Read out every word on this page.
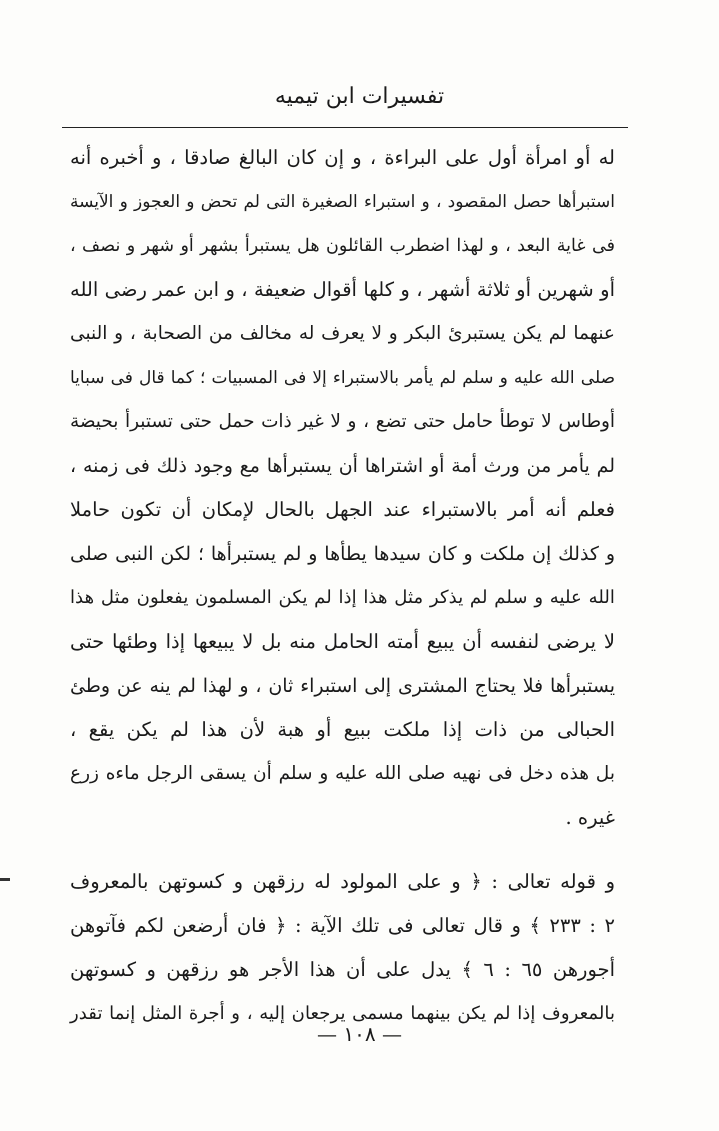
تفسيرات ابن تيميه
له أو امرأة أول على البراءة ، و إن كان البالغ صادقا ، و أخبره أنه
استبرأها حصل المقصود ، و استبراء الصغيرة التى لم تحض و العجوز و الآيسة
فى غاية البعد ، و لهذا اضطرب القائلون هل يستبرأ بشهر أو شهر و نصف ،
أو شهرين أو ثلاثة أشهر ، و كلها أقوال ضعيفة ، و ابن عمر رضى الله
عنهما لم يكن يستبرئ البكر و لا يعرف له مخالف من الصحابة ، و النبى
صلى الله عليه و سلم لم يأمر بالاستبراء إلا فى المسبيات ؛ كما قال فى سبايا
أوطاس لا توطأ حامل حتى تضع ، و لا غير ذات حمل حتى تستبرأ بحيضة
لم يأمر من ورث أمة أو اشتراها أن يستبرأها مع وجود ذلك فى زمنه ،
فعلم أنه أمر بالاستبراء عند الجهل بالحال لإمكان أن تكون حاملا
و كذلك إن ملكت و كان سيدها يطأها و لم يستبرأها ؛ لكن النبى صلى
الله عليه و سلم لم يذكر مثل هذا إذا لم يكن المسلمون يفعلون مثل هذا
لا يرضى لنفسه أن يبيع أمته الحامل منه بل لا يبيعها إذا وطئها حتى
يستبرأها فلا يحتاج المشترى إلى استبراء ثان ، و لهذا لم ينه عن وطئ
الحبالى من ذات إذا ملكت ببيع أو هبة لأن هذا لم يكن يقع ،
بل هذه دخل فى نهيه صلى الله عليه و سلم أن يسقى الرجل ماءه زرع
غيره .
و قوله تعالى : ﴿ و على المولود له رزقهن و كسوتهن بالمعروف
٢ : ٢٣٣ ﴾ و قال تعالى فى تلك الآية : ﴿ فان أرضعن لكم فآتوهن
أجورهن ٦٥ : ٦ ﴾ يدل على أن هذا الأجر هو رزقهن و كسوتهن
بالمعروف إذا لم يكن بينهما مسمى يرجعان إليه ، و أجرة المثل إنما تقدر
— ١٠٨ —
